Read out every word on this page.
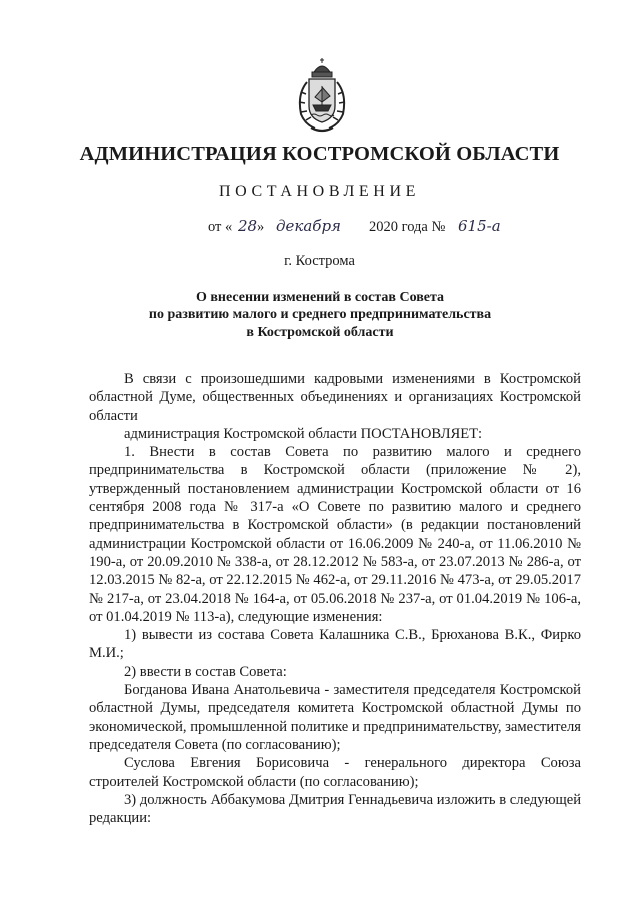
АДМИНИСТРАЦИЯ КОСТРОМСКОЙ ОБЛАСТИ
ПОСТАНОВЛЕНИЕ
от « 28 » декабря 2020 года № 615-а
г. Кострома
О внесении изменений в состав Совета
по развитию малого и среднего предпринимательства
в Костромской области

В связи с произошедшими кадровыми изменениями в Костромской областной Думе, общественных объединениях и организациях Костромской области

администрация Костромской области ПОСТАНОВЛЯЕТ:

1. Внести в состав Совета по развитию малого и среднего предпринимательства в Костромской области (приложение № 2), утвержденный постановлением администрации Костромской области от 16 сентября 2008 года № 317-а «О Совете по развитию малого и среднего предпринимательства в Костромской области» (в редакции постановлений администрации Костромской области от 16.06.2009 № 240-а, от 11.06.2010 № 190-а, от 20.09.2010 № 338-а, от 28.12.2012 № 583-а, от 23.07.2013 № 286-а, от 12.03.2015 № 82-а, от 22.12.2015 № 462-а, от 29.11.2016 № 473-а, от 29.05.2017 № 217-а, от 23.04.2018 № 164-а, от 05.06.2018 № 237-а, от 01.04.2019 № 106-а, от 01.04.2019 № 113-а), следующие изменения:

1) вывести из состава Совета Калашника С.В., Брюханова В.К., Фирко М.И.;

2) ввести в состав Совета:

Богданова Ивана Анатольевича - заместителя председателя Костромской областной Думы, председателя комитета Костромской областной Думы по экономической, промышленной политике и предпринимательству, заместителя председателя Совета (по согласованию);

Суслова Евгения Борисовича - генерального директора Союза строителей Костромской области (по согласованию);

3) должность Аббакумова Дмитрия Геннадьевича изложить в следующей редакции:
